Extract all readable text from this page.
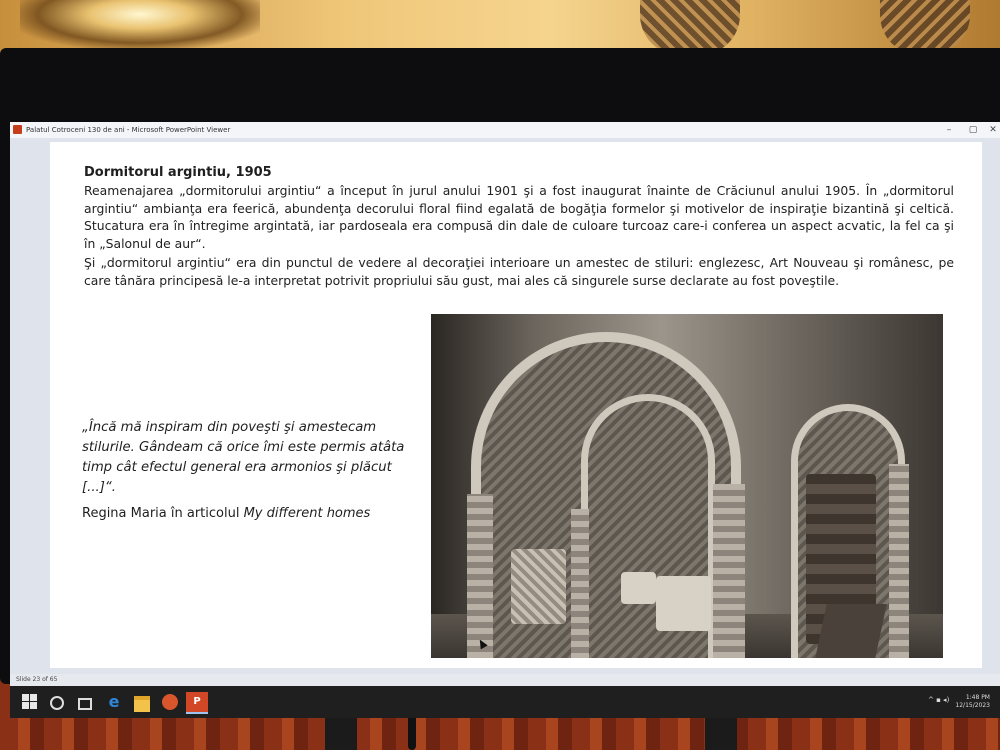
Palatul Cotroceni 130 de ani - Microsoft PowerPoint Viewer	–	▢	✕
Dormitorul argintiu, 1905
Reamenajarea „dormitorului argintiu“ a început în jurul anului 1901 şi a fost inaugurat înainte de Crăciunul anului 1905. În „dormitorul argintiu“ ambianţa era feerică, abundenţa decorului floral fiind egalată de bogăţia formelor şi motivelor de inspiraţie bizantină şi celtică. Stucatura era în întregime argintată, iar pardoseala era compusă din dale de culoare turcoaz care-i conferea un aspect acvatic, la fel ca şi în „Salonul de aur“.
Şi „dormitorul argintiu“ era din punctul de vedere al decoraţiei interioare un amestec de stiluri: englezesc, Art Nouveau şi românesc, pe care tânăra principesă le-a interpretat potrivit propriului său gust, mai ales că singurele surse declarate au fost poveştile.
„Încă mă inspiram din poveşti şi amestecam stilurile. Gândeam că orice îmi este permis atâta timp cât efectul general era armonios şi plăcut [...]“.
Regina Maria în articolul My different homes
Slide 23 of 65
e	P	^ ▪ ◂)	1:48 PM
12/15/2023
